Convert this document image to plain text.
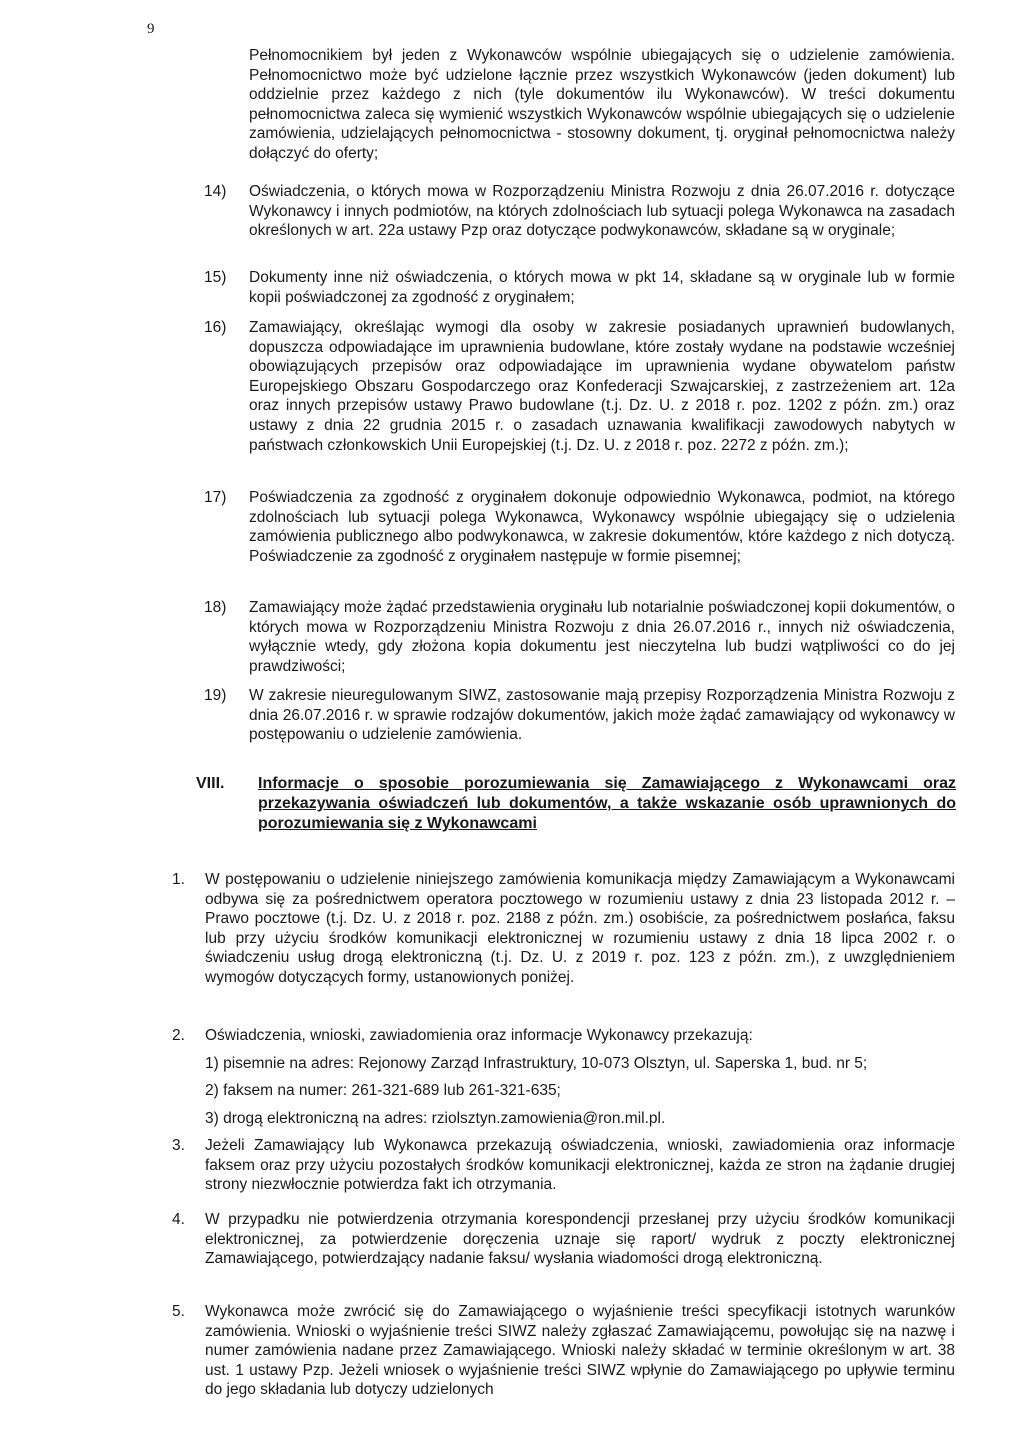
9
Pełnomocnikiem był jeden z Wykonawców wspólnie ubiegających się o udzielenie zamówienia. Pełnomocnictwo może być udzielone łącznie przez wszystkich Wykonawców (jeden dokument) lub oddzielnie przez każdego z nich (tyle dokumentów ilu Wykonawców). W treści dokumentu pełnomocnictwa zaleca się wymienić wszystkich Wykonawców wspólnie ubiegających się o udzielenie zamówienia, udzielających pełnomocnictwa - stosowny dokument, tj. oryginał pełnomocnictwa należy dołączyć do oferty;
14) Oświadczenia, o których mowa w Rozporządzeniu Ministra Rozwoju z dnia 26.07.2016 r. dotyczące Wykonawcy i innych podmiotów, na których zdolnościach lub sytuacji polega Wykonawca na zasadach określonych w art. 22a ustawy Pzp oraz dotyczące podwykonawców, składane są w oryginale;
15) Dokumenty inne niż oświadczenia, o których mowa w pkt 14, składane są w oryginale lub w formie kopii poświadczonej za zgodność z oryginałem;
16) Zamawiający, określając wymogi dla osoby w zakresie posiadanych uprawnień budowlanych, dopuszcza odpowiadające im uprawnienia budowlane, które zostały wydane na podstawie wcześniej obowiązujących przepisów oraz odpowiadające im uprawnienia wydane obywatelom państw Europejskiego Obszaru Gospodarczego oraz Konfederacji Szwajcarskiej, z zastrzeżeniem art. 12a oraz innych przepisów ustawy Prawo budowlane (t.j. Dz. U. z 2018 r. poz. 1202 z późn. zm.) oraz ustawy z dnia 22 grudnia 2015 r. o zasadach uznawania kwalifikacji zawodowych nabytych w państwach członkowskich Unii Europejskiej (t.j. Dz. U. z 2018 r. poz. 2272 z późn. zm.);
17) Poświadczenia za zgodność z oryginałem dokonuje odpowiednio Wykonawca, podmiot, na którego zdolnościach lub sytuacji polega Wykonawca, Wykonawcy wspólnie ubiegający się o udzielenia zamówienia publicznego albo podwykonawca, w zakresie dokumentów, które każdego z nich dotyczą. Poświadczenie za zgodność z oryginałem następuje w formie pisemnej;
18) Zamawiający może żądać przedstawienia oryginału lub notarialnie poświadczonej kopii dokumentów, o których mowa w Rozporządzeniu Ministra Rozwoju z dnia 26.07.2016 r., innych niż oświadczenia, wyłącznie wtedy, gdy złożona kopia dokumentu jest nieczytelna lub budzi wątpliwości co do jej prawdziwości;
19) W zakresie nieuregulowanym SIWZ, zastosowanie mają przepisy Rozporządzenia Ministra Rozwoju z dnia 26.07.2016 r. w sprawie rodzajów dokumentów, jakich może żądać zamawiający od wykonawcy w postępowaniu o udzielenie zamówienia.
VIII. Informacje o sposobie porozumiewania się Zamawiającego z Wykonawcami oraz przekazywania oświadczeń lub dokumentów, a także wskazanie osób uprawnionych do porozumiewania się z Wykonawcami
1. W postępowaniu o udzielenie niniejszego zamówienia komunikacja między Zamawiającym a Wykonawcami odbywa się za pośrednictwem operatora pocztowego w rozumieniu ustawy z dnia 23 listopada 2012 r. – Prawo pocztowe (t.j. Dz. U. z 2018 r. poz. 2188 z późn. zm.) osobiście, za pośrednictwem posłańca, faksu lub przy użyciu środków komunikacji elektronicznej w rozumieniu ustawy z dnia 18 lipca 2002 r. o świadczeniu usług drogą elektroniczną (t.j. Dz. U. z 2019 r. poz. 123 z późn. zm.), z uwzględnieniem wymogów dotyczących formy, ustanowionych poniżej.
2. Oświadczenia, wnioski, zawiadomienia oraz informacje Wykonawcy przekazują:
1) pisemnie na adres: Rejonowy Zarząd Infrastruktury, 10-073 Olsztyn, ul. Saperska 1, bud. nr 5;
2) faksem na numer: 261-321-689 lub 261-321-635;
3) drogą elektroniczną na adres: rziolsztyn.zamowienia@ron.mil.pl.
3. Jeżeli Zamawiający lub Wykonawca przekazują oświadczenia, wnioski, zawiadomienia oraz informacje faksem oraz przy użyciu pozostałych środków komunikacji elektronicznej, każda ze stron na żądanie drugiej strony niezwłocznie potwierdza fakt ich otrzymania.
4. W przypadku nie potwierdzenia otrzymania korespondencji przesłanej przy użyciu środków komunikacji elektronicznej, za potwierdzenie doręczenia uznaje się raport/ wydruk z poczty elektronicznej Zamawiającego, potwierdzający nadanie faksu/ wysłania wiadomości drogą elektroniczną.
5. Wykonawca może zwrócić się do Zamawiającego o wyjaśnienie treści specyfikacji istotnych warunków zamówienia. Wnioski o wyjaśnienie treści SIWZ należy zgłaszać Zamawiającemu, powołując się na nazwę i numer zamówienia nadane przez Zamawiającego. Wnioski należy składać w terminie określonym w art. 38 ust. 1 ustawy Pzp. Jeżeli wniosek o wyjaśnienie treści SIWZ wpłynie do Zamawiającego po upływie terminu do jego składania lub dotyczy udzielonych
